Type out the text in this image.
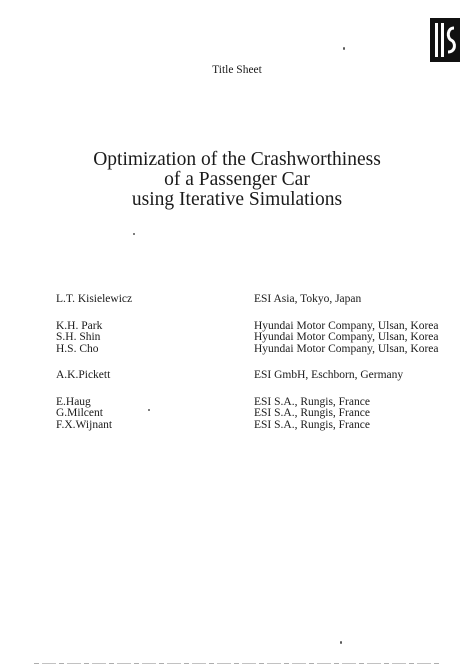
Title Sheet
Optimization of the Crashworthiness
of a Passenger Car
using Iterative Simulations
L.T. Kisielewicz	ESI Asia, Tokyo, Japan
K.H. Park	Hyundai Motor Company, Ulsan, Korea
S.H. Shin	Hyundai Motor Company, Ulsan, Korea
H.S. Cho	Hyundai Motor Company, Ulsan, Korea
A.K.Pickett	ESI GmbH, Eschborn, Germany
E.Haug	ESI S.A., Rungis, France
G.Milcent	ESI S.A., Rungis, France
F.X.Wijnant	ESI S.A., Rungis, France
